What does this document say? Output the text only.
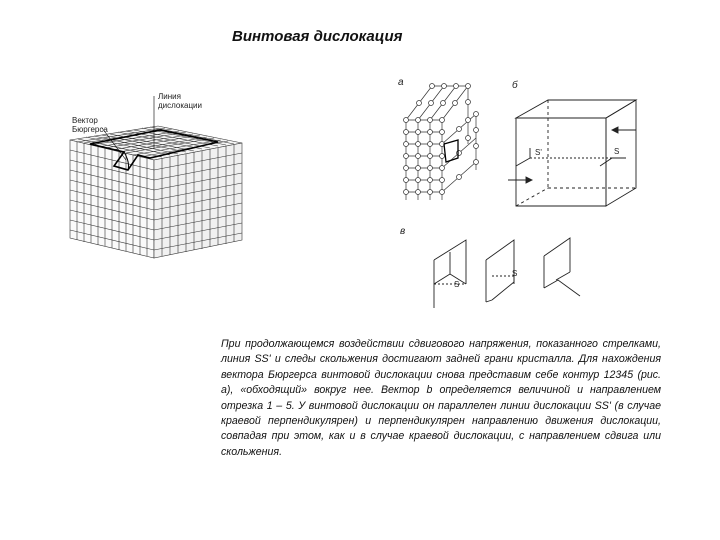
Винтовая дислокация
Вектор Бюргерса
Линия дислокации
а	б
S'	S
в
S
S
При продолжающемся воздействии сдвигового напряжения, показанного стрелками, линия SS' и следы скольжения достигают задней грани кристалла. Для нахождения вектора Бюргерса винтовой дислокации снова представим себе контур 12345 (рис. а), «обходящий» вокруг нее. Вектор b определяется величиной и направлением отрезка 1 – 5. У винтовой дислокации он параллелен линии дислокации SS' (в случае краевой перпендикулярен) и перпендикулярен направлению движения дислокации, совпадая при этом, как и в случае краевой дислокации, с направлением сдвига или скольжения.
